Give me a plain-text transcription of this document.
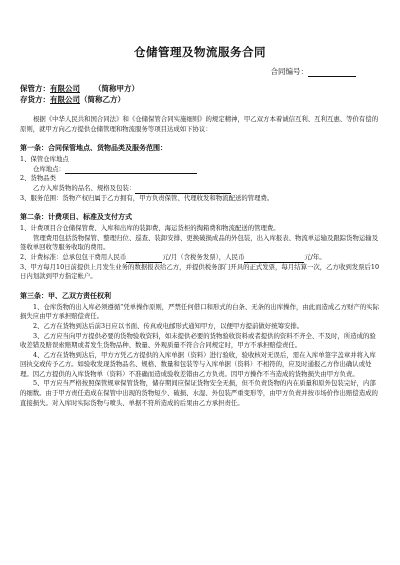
仓储管理及物流服务合同
合同编号：
保管方：有限公司 （简称甲方）
存货方：有限公司（简称乙方）

根据《中华人民共和国合同法》和《仓储保管合同实施细则》的规定精神，甲乙双方本着诚信互利、互利互惠、等价有偿的原则，就甲方向乙方提供仓储管理和物流服务等项目达成如下协议：

第一条：合同保管地点、货物品类及服务范围：

1、保管仓库地点

仓库地点：

2、货物品类

乙方入库货物的品名、规格及包装：

3、服务范围：货物产权归属于乙方拥有，甲方负责保管、代理收发和物流配送的管理费。

第二条：计费项目、标准及支付方式

1、计费项目合仓储保管费、入库和出库的装卸费、海运货柜的掏箱费和物流配送的管理费。

管理费用包括货物保管、整理归位、巡查、装卸安排、更换破损成品的外包装，出入库报表、物流单运输及跟踪货物运输及签收单回收等服务收取的费用。

2、计费标准：总承包包干费用人民币	元/月（含税务发票），人民币	元/年。

3、甲方每月10日前提供上月发生业务的数据报表给乙方，并提供税务部门开具的正式发票，每月结算一次，乙方收到发票后10日内划款到甲方指定帐户。

第三条：甲、乙双方责任权利

1、仓库货物的出入库必须遵循“凭单操作原则，严禁任何借口和形式的白条、无条的出库操作，由此而造成乙方财产的实际损失应由甲方承担赔偿责任。

2、乙方在货物到达后前3日应以书面、传真或电邮形式通知甲方，以便甲方提前做好统筹安排。

3、乙方应当向甲方提供必要的货物验收资料，如未提供必要的货物验收资料或者提供的资料不齐全、不及时，所造成的验收差错及赔误索赔期或者发生货物品种、数量、外观质量不符合合同规定时，甲方不承担赔偿责任。

4、乙方在货物到达后，甲方方凭乙方提供的入库单据（资料）进行验收，验收核对无误后，需在入库单签字盖章并将入库回执交或传予乙方。如验收发现货物品名、规格、数量和包装等与入库单据（资料）不相符的，应及时通报乙方作出确认或处理。因乙方提供的入库货物单（资料）不准确而造成验收差错由乙方负责。因甲方操作不当造成的货物损失由甲方负责。

5、甲方应当严格按照保管规章保管货物，储存期间应保证货物安全无损，但不负责货物的内在质量和原外包装完好，内部的细数。由于甲方责任造成在保管中出现的货物短少、破损、水湿、外包装严重变形等，由甲方负责并按市场价作出赔偿造成的直接损失。对入库时实际货物与喷头、单据不符所造成的后果由乙方承担责任。
